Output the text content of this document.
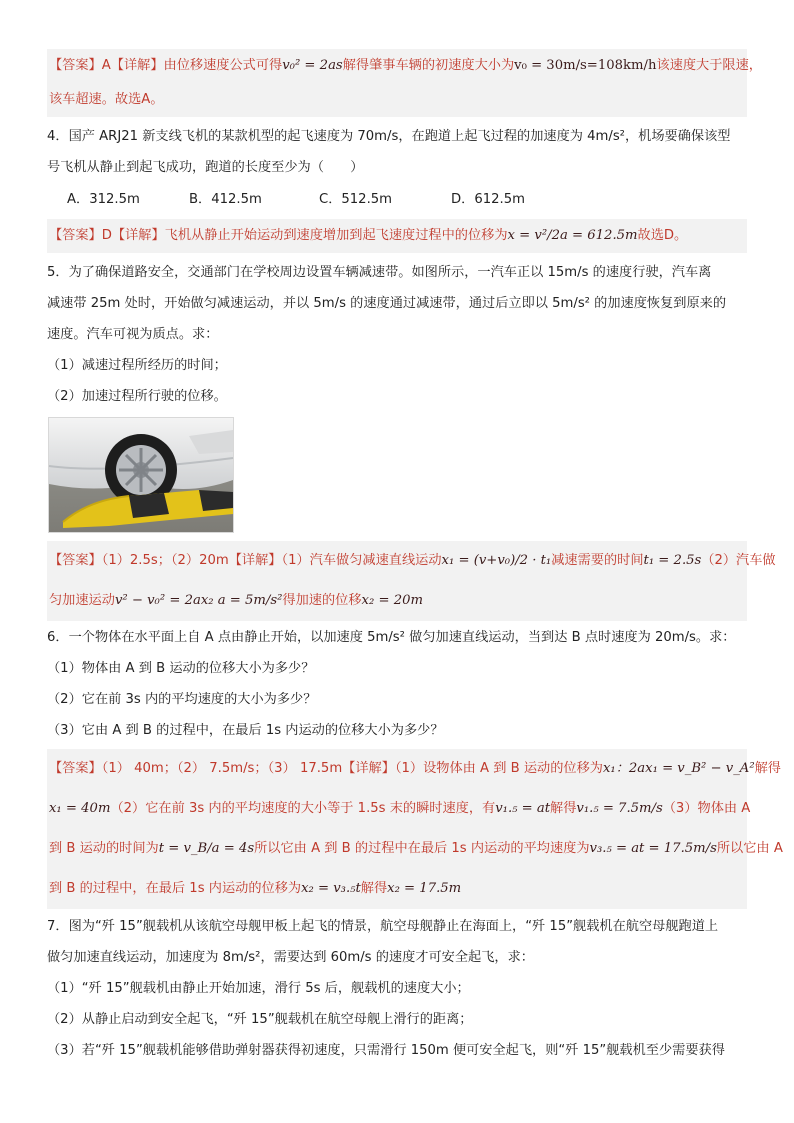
【答案】A【详解】由位移速度公式可得v₀² = 2as解得肇事车辆的初速度大小为v₀ = 30m/s=108km/h该速度大于限速，
该车超速。故选A。
4．国产 ARJ21 新支线飞机的某款机型的起飞速度为 70m/s，在跑道上起飞过程的加速度为 4m/s²，机场要确保该型
号飞机从静止到起飞成功，跑道的长度至少为（　　）
A．312.5m	B．412.5m	C．512.5m	D．612.5m
【答案】D【详解】飞机从静止开始运动到速度增加到起飞速度过程中的位移为x = v²/2a = 612.5m故选D。
5．为了确保道路安全，交通部门在学校周边设置车辆减速带。如图所示，一汽车正以 15m/s 的速度行驶，汽车离
减速带 25m 处时，开始做匀减速运动，并以 5m/s 的速度通过减速带，通过后立即以 5m/s² 的加速度恢复到原来的
速度。汽车可视为质点。求：
（1）减速过程所经历的时间；
（2）加速过程所行驶的位移。
【答案】（1）2.5s；（2）20m【详解】（1）汽车做匀减速直线运动x₁ = (v+v₀)/2 · t₁减速需要的时间t₁ = 2.5s（2）汽车做
匀加速运动v² − v₀² = 2ax₂ a = 5m/s²得加速的位移x₂ = 20m
6．一个物体在水平面上自 A 点由静止开始，以加速度 5m/s² 做匀加速直线运动，当到达 B 点时速度为 20m/s。求：
（1）物体由 A 到 B 运动的位移大小为多少？
（2）它在前 3s 内的平均速度的大小为多少？
（3）它由 A 到 B 的过程中，在最后 1s 内运动的位移大小为多少？
【答案】（1） 40m；（2） 7.5m/s；（3） 17.5m【详解】（1）设物体由 A 到 B 运动的位移为x₁：2ax₁ = v_B² − v_A²解得
x₁ = 40m（2）它在前 3s 内的平均速度的大小等于 1.5s 末的瞬时速度，有v₁.₅ = at解得v₁.₅ = 7.5m/s（3）物体由 A
到 B 运动的时间为t = v_B/a = 4s所以它由 A 到 B 的过程中在最后 1s 内运动的平均速度为v₃.₅ = at = 17.5m/s所以它由 A
到 B 的过程中，在最后 1s 内运动的位移为x₂ = v₃.₅t解得x₂ = 17.5m
7．图为“歼 15”舰载机从该航空母舰甲板上起飞的情景，航空母舰静止在海面上，“歼 15”舰载机在航空母舰跑道上
做匀加速直线运动，加速度为 8m/s²，需要达到 60m/s 的速度才可安全起飞，求：
（1）“歼 15”舰载机由静止开始加速，滑行 5s 后，舰载机的速度大小；
（2）从静止启动到安全起飞，“歼 15”舰载机在航空母舰上滑行的距离；
（3）若“歼 15”舰载机能够借助弹射器获得初速度，只需滑行 150m 便可安全起飞，则“歼 15”舰载机至少需要获得
